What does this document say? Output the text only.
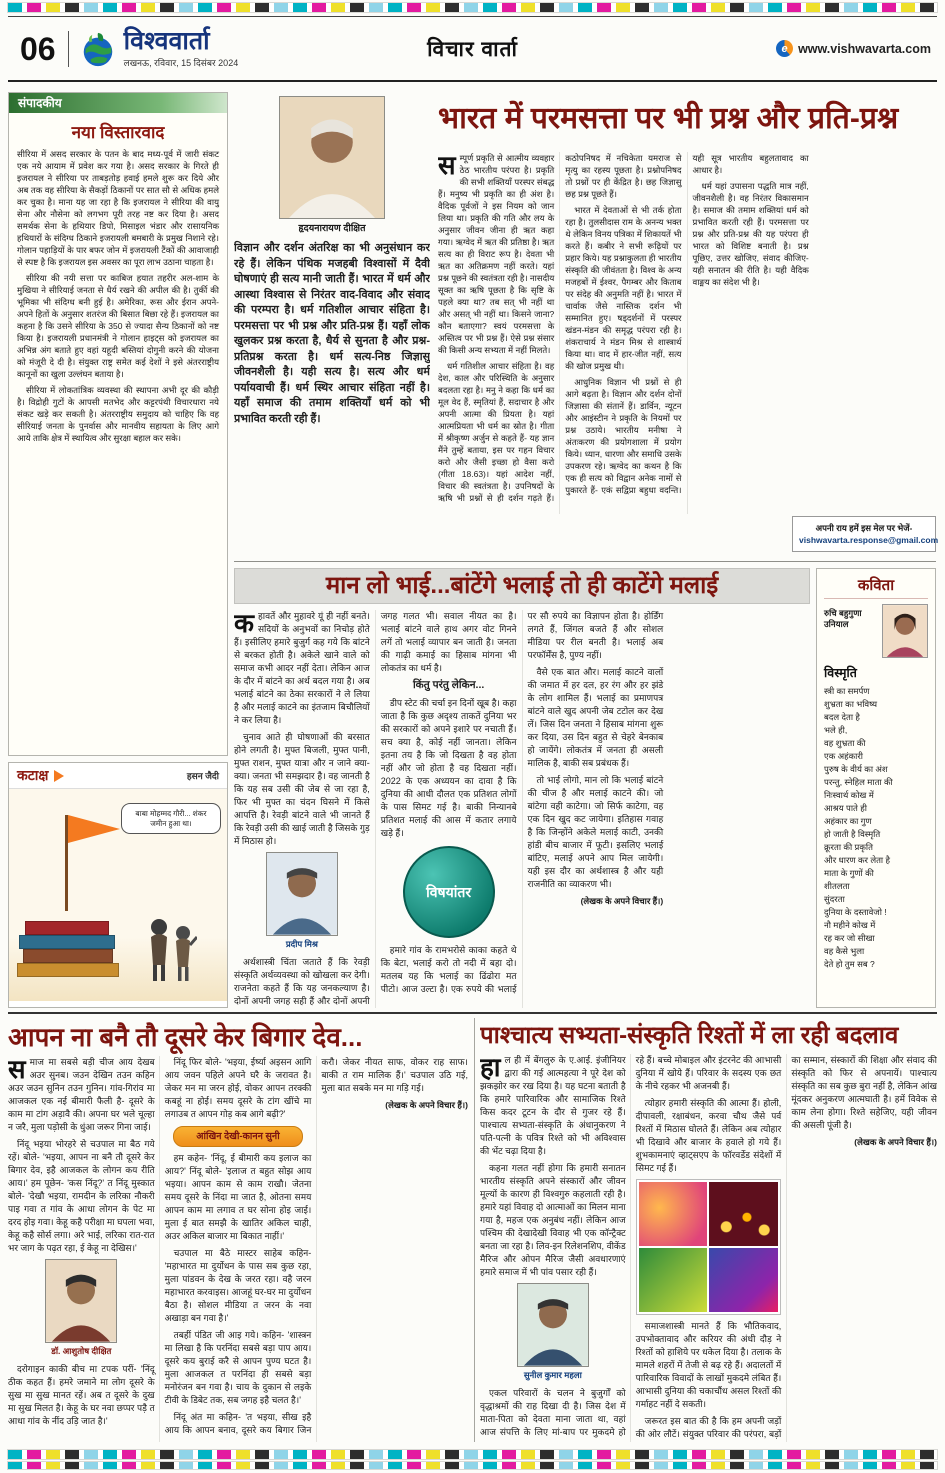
06	विश्ववार्ता
लखनऊ, रविवार, 15 दिसंबर 2024
विचार वार्ता	e www.vishwavarta.com
संपादकीय
नया विस्तारवाद

सीरिया में असद सरकार के पतन के बाद मध्य-पूर्व में जारी संकट एक नये आयाम में प्रवेश कर गया है। असद सरकार के गिरते ही इजरायल ने सीरिया पर ताबड़तोड़ हवाई हमले शुरू कर दिये और अब तक वह सीरिया के सैकड़ों ठिकानों पर सात सौ से अधिक हमले कर चुका है। माना यह जा रहा है कि इजरायल ने सीरिया की वायु सेना और नौसेना को लगभग पूरी तरह नष्ट कर दिया है। असद समर्थक सेना के हथियार डिपो, मिसाइल भंडार और रासायनिक हथियारों के संदिग्ध ठिकाने इजरायली बमबारी के प्रमुख निशाने रहे। गोलान पहाड़ियों के पार बफर जोन में इजरायली टैंकों की आवाजाही से स्पष्ट है कि इजरायल इस अवसर का पूरा लाभ उठाना चाहता है।

सीरिया की नयी सत्ता पर काबिज हयात तहरीर अल-शाम के मुखिया ने सीरियाई जनता से धैर्य रखने की अपील की है। तुर्की की भूमिका भी संदिग्ध बनी हुई है। अमेरिका, रूस और ईरान अपने-अपने हितों के अनुसार शतरंज की बिसात बिछा रहे हैं। इजरायल का कहना है कि उसने सीरिया के 350 से ज्यादा सैन्य ठिकानों को नष्ट किया है। इजरायली प्रधानमंत्री ने गोलान हाइट्स को इजरायल का अभिन्न अंग बताते हुए वहां यहूदी बस्तियां दोगुनी करने की योजना को मंजूरी दे दी है। संयुक्त राष्ट्र समेत कई देशों ने इसे अंतरराष्ट्रीय कानूनों का खुला उल्लंघन बताया है।

सीरिया में लोकतांत्रिक व्यवस्था की स्थापना अभी दूर की कौड़ी है। विद्रोही गुटों के आपसी मतभेद और कट्टरपंथी विचारधारा नये संकट खड़े कर सकती है। अंतरराष्ट्रीय समुदाय को चाहिए कि वह सीरियाई जनता के पुनर्वास और मानवीय सहायता के लिए आगे आये ताकि क्षेत्र में स्थायित्व और सुरक्षा बहाल कर सके।

कटाक्ष	हसन जैदी
बाबा मोहम्मद गौरी... शंकर जमीन हुआ था।
हृदयनारायण दीक्षित
विज्ञान और दर्शन अंतरिक्ष का भी अनुसंधान कर रहे हैं। लेकिन पंथिक मजहबी विश्वासों में दैवी घोषणाएं ही सत्य मानी जाती हैं। भारत में धर्म और आस्था विश्वास से निरंतर वाद-विवाद और संवाद की परम्परा है। धर्म गतिशील आचार संहिता है। परमसत्ता पर भी प्रश्न और प्रति-प्रश्न हैं। यहाँ लोक खुलकर प्रश्न करता है, धैर्य से सुनता है और प्रश्न-प्रतिप्रश्न करता है। धर्म सत्य-निष्ठ जिज्ञासु जीवनशैली है। यही सत्य है। सत्य और धर्म पर्यायवाची हैं। धर्म स्थिर आचार संहिता नहीं है। यहाँ समाज की तमाम शक्तियाँ धर्म को भी प्रभावित करती रही हैं।
भारत में परमसत्ता पर भी प्रश्न और प्रति-प्रश्न

सम्पूर्ण प्रकृति से आत्मीय व्यवहार ठेठ भारतीय परंपरा है। प्रकृति की सभी शक्तियाँ परस्पर संबद्ध हैं। मनुष्य भी प्रकृति का ही अंश है। वैदिक पूर्वजों ने इस नियम को जान लिया था। प्रकृति की गति और लय के अनुसार जीवन जीना ही ऋत कहा गया। ऋग्वेद में ऋत की प्रतिष्ठा है। ऋत सत्य का ही विराट रूप है। देवता भी ऋत का अतिक्रमण नहीं करते। यहां प्रश्न पूछने की स्वतंत्रता रही है। नासदीय सूक्त का ऋषि पूछता है कि सृष्टि के पहले क्या था? तब सत् भी नहीं था और असत् भी नहीं था। किसने जाना? कौन बताएगा? स्वयं परमसत्ता के अस्तित्व पर भी प्रश्न हैं। ऐसे प्रश्न संसार की किसी अन्य सभ्यता में नहीं मिलते।

धर्म गतिशील आचार संहिता है। वह देश, काल और परिस्थिति के अनुसार बदलता रहा है। मनु ने कहा कि धर्म का मूल वेद हैं, स्मृतियां हैं, सदाचार है और अपनी आत्मा की प्रियता है। यहां आत्मप्रियता भी धर्म का स्रोत है। गीता में श्रीकृष्ण अर्जुन से कहते हैं- यह ज्ञान मैंने तुम्हें बताया, इस पर गहन विचार करो और जैसी इच्छा हो वैसा करो (गीता 18.63)। यहां आदेश नहीं, विचार की स्वतंत्रता है। उपनिषदों के ऋषि भी प्रश्नों से ही दर्शन गढ़ते हैं। कठोपनिषद में नचिकेता यमराज से मृत्यु का रहस्य पूछता है। प्रश्नोपनिषद तो प्रश्नों पर ही केंद्रित है। छह जिज्ञासु छह प्रश्न पूछते हैं।

भारत में देवताओं से भी तर्क होता रहा है। तुलसीदास राम के अनन्य भक्त थे लेकिन विनय पत्रिका में शिकायतें भी करते हैं। कबीर ने सभी रूढ़ियों पर प्रहार किये। यह प्रश्नाकुलता ही भारतीय संस्कृति की जीवंतता है। विश्व के अन्य मजहबों में ईश्वर, पैगम्बर और किताब पर संदेह की अनुमति नहीं है। भारत में चार्वाक जैसे नास्तिक दर्शन भी सम्मानित हुए। षड्दर्शनों में परस्पर खंडन-मंडन की समृद्ध परंपरा रही है। शंकराचार्य ने मंडन मिश्र से शास्त्रार्थ किया था। वाद में हार-जीत नहीं, सत्य की खोज प्रमुख थी।

आधुनिक विज्ञान भी प्रश्नों से ही आगे बढ़ता है। विज्ञान और दर्शन दोनों जिज्ञासा की संतानें हैं। डार्विन, न्यूटन और आइंस्टीन ने प्रकृति के नियमों पर प्रश्न उठाये। भारतीय मनीषा ने अंतःकरण की प्रयोगशाला में प्रयोग किये। ध्यान, धारणा और समाधि उसके उपकरण रहे। ऋग्वेद का कथन है कि एक ही सत्य को विद्वान अनेक नामों से पुकारते हैं- एकं सद्विप्रा बहुधा वदन्ति। यही सूत्र भारतीय बहुलतावाद का आधार है।

धर्म यहां उपासना पद्धति मात्र नहीं, जीवनशैली है। वह निरंतर विकासमान है। समाज की तमाम शक्तियां धर्म को प्रभावित करती रही हैं। परमसत्ता पर प्रश्न और प्रति-प्रश्न की यह परंपरा ही भारत को विशिष्ट बनाती है। प्रश्न पूछिए, उत्तर खोजिए, संवाद कीजिए- यही सनातन की रीति है। यही वैदिक वाङ्मय का संदेश भी है।

अपनी राय हमें इस मेल पर भेजें-
vishwavarta.response@gmail.com
मान लो भाई...बांटेंगे भलाई तो ही काटेंगे मलाई

कहावतें और मुहावरे यूं ही नहीं बनते। सदियों के अनुभवों का निचोड़ होते हैं। इसीलिए हमारे बुजुर्ग कह गये कि बांटने से बरकत होती है। अकेले खाने वाले को समाज कभी आदर नहीं देता। लेकिन आज के दौर में बांटने का अर्थ बदल गया है। अब भलाई बांटने का ठेका सरकारों ने ले लिया है और मलाई काटने का इंतजाम बिचौलियों ने कर लिया है।

चुनाव आते ही घोषणाओं की बरसात होने लगती है। मुफ्त बिजली, मुफ्त पानी, मुफ्त राशन, मुफ्त यात्रा और न जाने क्या-क्या। जनता भी समझदार है। वह जानती है कि यह सब उसी की जेब से जा रहा है, फिर भी मुफ्त का चंदन घिसने में किसे आपत्ति है। रेवड़ी बांटने वाले भी जानते हैं कि रेवड़ी उसी की खाई जाती है जिसके गुड़ में मिठास हो।

प्रदीप मिश्र

अर्थशास्त्री चिंता जताते हैं कि रेवड़ी संस्कृति अर्थव्यवस्था को खोखला कर देगी। राजनेता कहते हैं कि यह जनकल्याण है। दोनों अपनी जगह सही हैं और दोनों अपनी जगह गलत भी। सवाल नीयत का है। भलाई बांटने वाले हाथ अगर वोट गिनने लगें तो भलाई व्यापार बन जाती है। जनता की गाढ़ी कमाई का हिसाब मांगना भी लोकतंत्र का धर्म है।

किंतु परंतु लेकिन...

डीप स्टेट की चर्चा इन दिनों खूब है। कहा जाता है कि कुछ अदृश्य ताकतें दुनिया भर की सरकारों को अपने इशारे पर नचाती हैं। सच क्या है, कोई नहीं जानता। लेकिन इतना तय है कि जो दिखता है वह होता नहीं और जो होता है वह दिखता नहीं। 2022 के एक अध्ययन का दावा है कि दुनिया की आधी दौलत एक प्रतिशत लोगों के पास सिमट गई है। बाकी निन्यानबे प्रतिशत मलाई की आस में कतार लगाये खड़े हैं।

विषयांतर

हमारे गांव के रामभरोसे काका कहते थे कि बेटा, भलाई करो तो नदी में बहा दो। मतलब यह कि भलाई का ढिंढोरा मत पीटो। आज उल्टा है। एक रुपये की भलाई पर सौ रुपये का विज्ञापन होता है। होर्डिंग लगते हैं, जिंगल बजते हैं और सोशल मीडिया पर रील बनती है। भलाई अब परफॉर्मेंस है, पुण्य नहीं।

वैसे एक बात और। मलाई काटने वालों की जमात में हर दल, हर रंग और हर झंडे के लोग शामिल हैं। भलाई का प्रमाणपत्र बांटने वाले खुद अपनी जेब टटोल कर देख लें। जिस दिन जनता ने हिसाब मांगना शुरू कर दिया, उस दिन बहुत से चेहरे बेनकाब हो जायेंगे। लोकतंत्र में जनता ही असली मालिक है, बाकी सब प्रबंधक हैं।

तो भाई लोगो, मान लो कि भलाई बांटने की चीज है और मलाई काटने की। जो बांटेगा वही काटेगा। जो सिर्फ काटेगा, वह एक दिन खुद कट जायेगा। इतिहास गवाह है कि जिन्होंने अकेले मलाई काटी, उनकी हांडी बीच बाजार में फूटी। इसलिए भलाई बांटिए, मलाई अपने आप मिल जायेगी। यही इस दौर का अर्थशास्त्र है और यही राजनीति का व्याकरण भी।

(लेखक के अपने विचार हैं।)
कविता
रुचि बहुगुणा उनियाल
विस्मृति
स्त्री का समर्पण
शुभ्रता का भविष्य
बदल देता है
भले ही,
वह शुभ्रता की
एक अहंकारी
पुरुष के वीर्य का अंश
परन्तु, स्नेहिल माता की
निःस्वार्थ कोख में
आश्रय पाते ही
अहंकार का गुण
हो जाती है विस्मृति
क्रूरता की प्रकृति
और धारण कर लेता है
माता के गुणों की
शीतलता
सुंदरता
दुनिया के दस्तावेजो !
नौ महीने कोख में
रह कर जो सीखा
वह कैसे भुला
देते हो तुम सब ?
आपन ना बनै तौ दूसरे केर बिगार देव...

समाज मा सबसे बड़ी चीज आय देखब अउर सुनब। जउन देखिन तउन कहिन अउर जउन सुनिन तउन गुनिन। गांव-गिरांव मा आजकल एक नई बीमारी फैली है- दूसरे के काम मा टांग अड़ावै की। अपना घर भले चूल्हा न जरै, मुला पड़ोसी के धुंआ जरूर गिना जाई।

निंदू भइया भोरहरे से चउपाल मा बैठ गये रहें। बोले- 'भइया, आपन ना बनै तौ दूसरे केर बिगार देव, इहै आजकल के लोगन कय रीति आय।' हम पूछेन- 'कस निंदू?' त निंदू मुस्कात बोले- 'देखौ भइया, रामदीन के लरिका नौकरी पाइ गवा त गांव के आधा लोगन के पेट मा दरद होइ गवा। केहू कहै परीक्षा मा घपला भवा, केहू कहै सोर्स लगा। अरे भाई, लरिका रात-रात भर जाग के पढ़त रहा, ई केहू ना देखिस।'

डॉ. आशुतोष दीक्षित

दरोगाइन काकी बीच मा टपक परीं- 'निंदू ठीक कहत हैं। हमरे जमाने मा लोग दूसरे के सुख मा सुख मानत रहें। अब त दूसरे के दुख मा सुख मिलत है। केहू के घर नवा छप्पर पड़ै त आधा गांव के नींद उड़ि जात है।'

निंदू फिर बोले- 'भइया, ईर्ष्या अइसन आगि आय जवन पहिले अपने घरै के जरावत है। जेकर मन मा जरन होई, वोकर आपन तरक्की कबहूं ना होई। समय दूसरे के टांग खींचे मा लगाउब त आपन गोड़ कब आगे बढ़ी?'

आंखिन देखी-कानन सुनी

हम कहेन- 'निंदू, ई बीमारी कय इलाज का आय?' निंदू बोले- 'इलाज त बहुत सोझ आय भइया। आपन काम से काम राखौ। जेतना समय दूसरे के निंदा मा जात है, ओतना समय आपन काम मा लगाव त घर सोना होइ जाई। मुला ई बात समझै के खातिर अकिल चाही, अउर अकिल बाजार मा बिकात नाहीं।'

चउपाल मा बैठे मास्टर साहेब कहिन- 'महाभारत मा दुर्योधन के पास सब कुछ रहा, मुला पांडवन के देख के जरत रहा। वहै जरन महाभारत करवाइस। आजहूं घर-घर मा दुर्योधन बैठा है। सोशल मीडिया त जरन के नवा अखाड़ा बन गवा है।'

तबहीं पंडित जी आइ गये। कहिन- 'शास्त्रन मा लिखा है कि परनिंदा सबसे बड़ा पाप आय। दूसरे कय बुराई करै से आपन पुण्य घटत है। मुला आजकल त परनिंदा ही सबसे बड़ा मनोरंजन बन गवा है। चाय के दुकान से लइके टीवी के डिबेट तक, सब जगह इहै चलत है।'

निंदू अंत मा कहिन- 'त भइया, सीख इहै आय कि आपन बनाव, दूसरे कय बिगार जिन करौ। जेकर नीयत साफ, वोकर राह साफ। बाकी त राम मालिक हैं।' चउपाल उठि गई, मुला बात सबके मन मा गड़ि गई।

(लेखक के अपने विचार हैं।)
पाश्चात्य सभ्यता-संस्कृति रिश्तों में ला रही बदलाव

हाल ही में बेंगलुरु के ए.आई. इंजीनियर द्वारा की गई आत्महत्या ने पूरे देश को झकझोर कर रख दिया है। यह घटना बताती है कि हमारे पारिवारिक और सामाजिक रिश्ते किस कदर टूटन के दौर से गुजर रहे हैं। पाश्चात्य सभ्यता-संस्कृति के अंधानुकरण ने पति-पत्नी के पवित्र रिश्ते को भी अविश्वास की भेंट चढ़ा दिया है।

कहना गलत नहीं होगा कि हमारी सनातन भारतीय संस्कृति अपने संस्कारों और जीवन मूल्यों के कारण ही विश्वगुरु कहलाती रही है। हमारे यहां विवाह दो आत्माओं का मिलन माना गया है, महज एक अनुबंध नहीं। लेकिन आज पश्चिम की देखादेखी विवाह भी एक कॉन्ट्रैक्ट बनता जा रहा है। लिव-इन रिलेशनशिप, वीकेंड मैरिज और ओपन मैरिज जैसी अवधारणाएं हमारे समाज में भी पांव पसार रही हैं।

सुनील कुमार महला

एकल परिवारों के चलन ने बुजुर्गों को वृद्धाश्रमों की राह दिखा दी है। जिस देश में माता-पिता को देवता माना जाता था, वहां आज संपत्ति के लिए मां-बाप पर मुकदमे हो रहे हैं। बच्चे मोबाइल और इंटरनेट की आभासी दुनिया में खोये हैं। परिवार के सदस्य एक छत के नीचे रहकर भी अजनबी हैं।

त्योहार हमारी संस्कृति की आत्मा हैं। होली, दीपावली, रक्षाबंधन, करवा चौथ जैसे पर्व रिश्तों में मिठास घोलते हैं। लेकिन अब त्योहार भी दिखावे और बाजार के हवाले हो गये हैं। शुभकामनाएं व्हाट्सएप के फॉरवर्डेड संदेशों में सिमट गई हैं।

समाजशास्त्री मानते हैं कि भौतिकवाद, उपभोक्तावाद और करियर की अंधी दौड़ ने रिश्तों को हाशिये पर धकेल दिया है। तलाक के मामले शहरों में तेजी से बढ़ रहे हैं। अदालतों में पारिवारिक विवादों के लाखों मुकदमे लंबित हैं। आभासी दुनिया की चकाचौंध असल रिश्तों की गर्माहट नहीं दे सकती।

जरूरत इस बात की है कि हम अपनी जड़ों की ओर लौटें। संयुक्त परिवार की परंपरा, बड़ों का सम्मान, संस्कारों की शिक्षा और संवाद की संस्कृति को फिर से अपनायें। पाश्चात्य संस्कृति का सब कुछ बुरा नहीं है, लेकिन आंख मूंदकर अनुकरण आत्मघाती है। हमें विवेक से काम लेना होगा। रिश्ते सहेजिए, यही जीवन की असली पूंजी है।

(लेखक के अपने विचार हैं।)
